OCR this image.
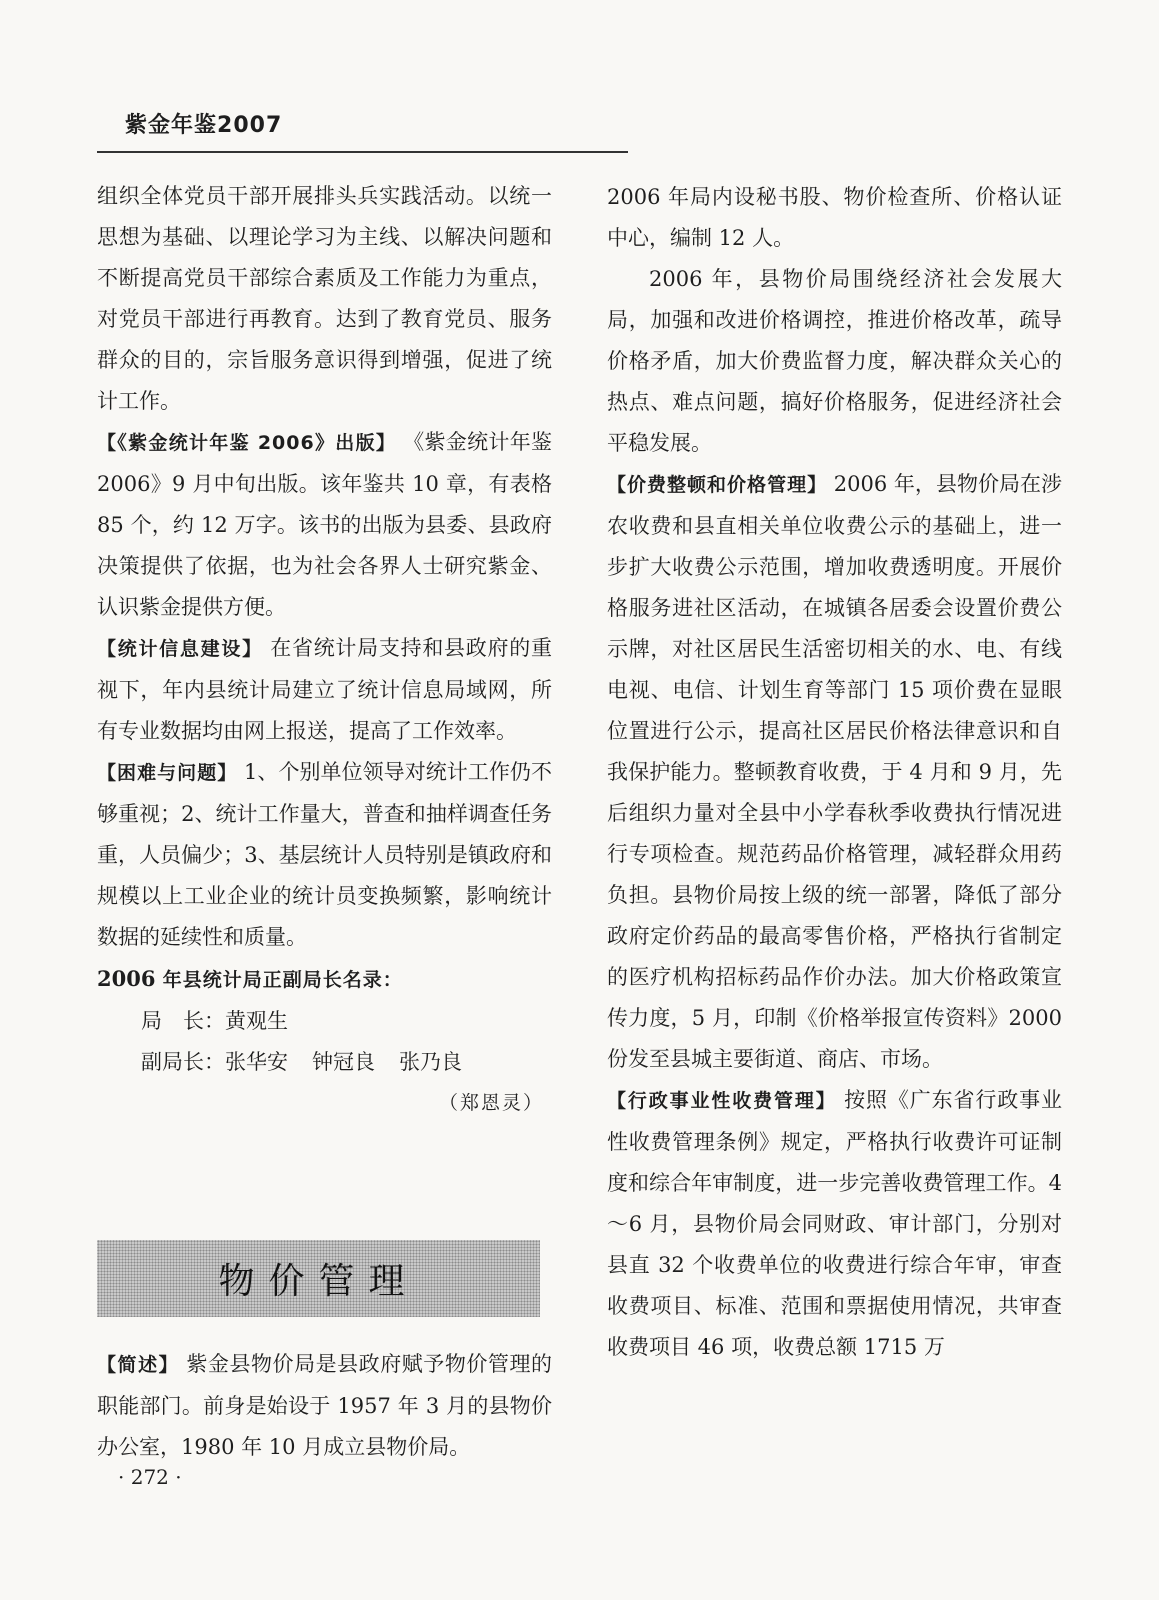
紫金年鉴2007

组织全体党员干部开展排头兵实践活动。以统一思想为基础、以理论学习为主线、以解决问题和不断提高党员干部综合素质及工作能力为重点，对党员干部进行再教育。达到了教育党员、服务群众的目的，宗旨服务意识得到增强，促进了统计工作。

【《紫金统计年鉴 2006》出版】 《紫金统计年鉴 2006》9 月中旬出版。该年鉴共 10 章，有表格 85 个，约 12 万字。该书的出版为县委、县政府决策提供了依据，也为社会各界人士研究紫金、认识紫金提供方便。

【统计信息建设】 在省统计局支持和县政府的重视下，年内县统计局建立了统计信息局域网，所有专业数据均由网上报送，提高了工作效率。

【困难与问题】 1、个别单位领导对统计工作仍不够重视；2、统计工作量大，普查和抽样调查任务重，人员偏少；3、基层统计人员特别是镇政府和规模以上工业企业的统计员变换频繁，影响统计数据的延续性和质量。

2006 年县统计局正副局长名录：

局　长：黄观生

副局长：张华安 钟冠良 张乃良

（郑恩灵）

物价管理

【简述】 紫金县物价局是县政府赋予物价管理的职能部门。前身是始设于 1957 年 3 月的县物价办公室，1980 年 10 月成立县物价局。

· 272 ·

2006 年局内设秘书股、物价检查所、价格认证中心，编制 12 人。

2006 年，县物价局围绕经济社会发展大局，加强和改进价格调控，推进价格改革，疏导价格矛盾，加大价费监督力度，解决群众关心的热点、难点问题，搞好价格服务，促进经济社会平稳发展。

【价费整顿和价格管理】 2006 年，县物价局在涉农收费和县直相关单位收费公示的基础上，进一步扩大收费公示范围，增加收费透明度。开展价格服务进社区活动，在城镇各居委会设置价费公示牌，对社区居民生活密切相关的水、电、有线电视、电信、计划生育等部门 15 项价费在显眼位置进行公示，提高社区居民价格法律意识和自我保护能力。整顿教育收费，于 4 月和 9 月，先后组织力量对全县中小学春秋季收费执行情况进行专项检查。规范药品价格管理，减轻群众用药负担。县物价局按上级的统一部署，降低了部分政府定价药品的最高零售价格，严格执行省制定的医疗机构招标药品作价办法。加大价格政策宣传力度，5 月，印制《价格举报宣传资料》2000 份发至县城主要街道、商店、市场。

【行政事业性收费管理】 按照《广东省行政事业性收费管理条例》规定，严格执行收费许可证制度和综合年审制度，进一步完善收费管理工作。4～6 月，县物价局会同财政、审计部门，分别对县直 32 个收费单位的收费进行综合年审，审查收费项目、标准、范围和票据使用情况，共审查收费项目 46 项，收费总额 1715 万
